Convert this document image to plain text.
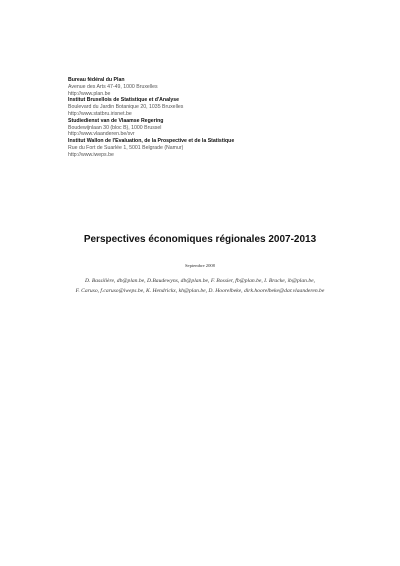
Bureau fédéral du Plan
Avenue des Arts 47-49, 1000 Bruxelles
http://www.plan.be
Institut Bruxellois de Statistique et d'Analyse
Boulevard du Jardin Botanique 20, 1035 Bruxelles
http://www.statbru.irisnet.be
Studiedienst van de Vlaamse Regering
Boudewijnlaan 30 (bloc B), 1000 Brussel
http://www.vlaanderen.be/svr
Institut Wallon de l'Evaluation, de la Prospective et de la Statistique
Rue du Fort de Suarlée 1, 5001 Belgrade (Namur)
http://www.iweps.be
Perspectives économiques régionales 2007-2013
Septembre 2008
D. Bassilière, db@plan.be, D.Baudewyns, db@plan.be, F. Bossier, fb@plan.be, I. Bracke, ib@plan.be,
F. Caruso, f.caruso@iweps.be, K. Hendrickx, kh@plan.be, D. Hoorelbeke, dirk.hoorelbeke@dar.vlaanderen.be
